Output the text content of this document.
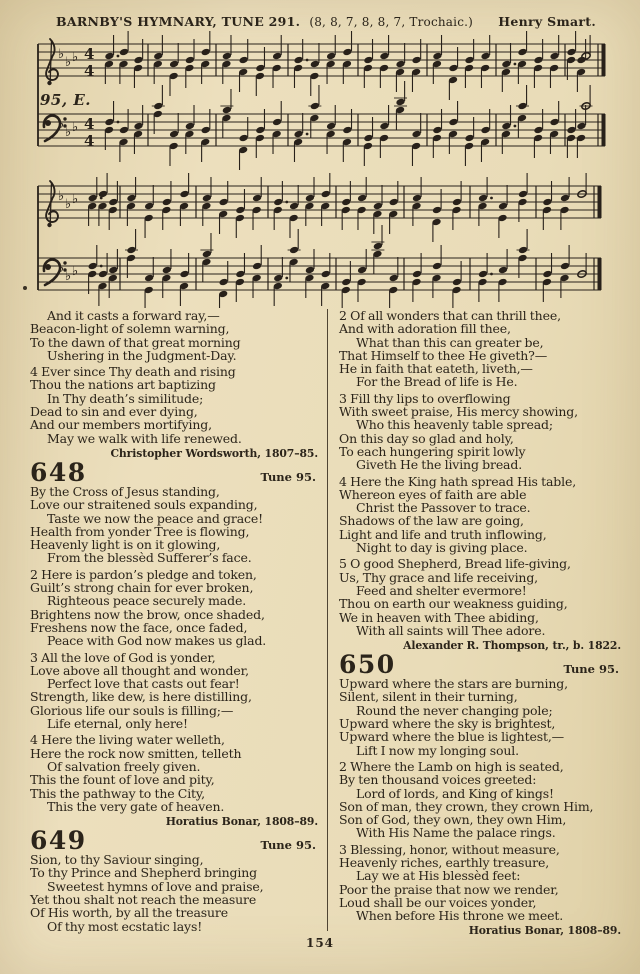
BARNBY'S HYMNARY, TUNE 291. (8, 8, 7, 8, 8, 7, Trochaic.) Henry Smart.
♭
♭ ♭
♭
♭ ♭
4
4
4
4
♭
♭ ♭
♭
♭ ♭
95, E.
And it casts a forward ray,—
Beacon-light of solemn warning,
To the dawn of that great morning
Ushering in the Judgment-Day.
4 Ever since Thy death and rising
Thou the nations art baptizing
In Thy death’s similitude;
Dead to sin and ever dying,
And our members mortifying,
May we walk with life renewed.
Christopher Wordsworth, 1807–85.
648	Tune 95.
By the Cross of Jesus standing,
Love our straitened souls expanding,
Taste we now the peace and grace!
Health from yonder Tree is flowing,
Heavenly light is on it glowing,
From the blessèd Sufferer’s face.
2 Here is pardon’s pledge and token,
Guilt’s strong chain for ever broken,
Righteous peace securely made.
Brightens now the brow, once shaded,
Freshens now the face, once faded,
Peace with God now makes us glad.
3 All the love of God is yonder,
Love above all thought and wonder,
Perfect love that casts out fear!
Strength, like dew, is here distilling,
Glorious life our souls is filling;—
Life eternal, only here!
4 Here the living water welleth,
Here the rock now smitten, telleth
Of salvation freely given.
This the fount of love and pity,
This the pathway to the City,
This the very gate of heaven.
Horatius Bonar, 1808–89.
649	Tune 95.
Sion, to thy Saviour singing,
To thy Prince and Shepherd bringing
Sweetest hymns of love and praise,
Yet thou shalt not reach the measure
Of His worth, by all the treasure
Of thy most ecstatic lays!
2 Of all wonders that can thrill thee,
And with adoration fill thee,
What than this can greater be,
That Himself to thee He giveth?—
He in faith that eateth, liveth,—
For the Bread of life is He.
3 Fill thy lips to overflowing
With sweet praise, His mercy showing,
Who this heavenly table spread;
On this day so glad and holy,
To each hungering spirit lowly
Giveth He the living bread.
4 Here the King hath spread His table,
Whereon eyes of faith are able
Christ the Passover to trace.
Shadows of the law are going,
Light and life and truth inflowing,
Night to day is giving place.
5 O good Shepherd, Bread life-giving,
Us, Thy grace and life receiving,
Feed and shelter evermore!
Thou on earth our weakness guiding,
We in heaven with Thee abiding,
With all saints will Thee adore.
Alexander R. Thompson, tr., b. 1822.
650	Tune 95.
Upward where the stars are burning,
Silent, silent in their turning,
Round the never changing pole;
Upward where the sky is brightest,
Upward where the blue is lightest,—
Lift I now my longing soul.
2 Where the Lamb on high is seated,
By ten thousand voices greeted:
Lord of lords, and King of kings!
Son of man, they crown, they crown Him,
Son of God, they own, they own Him,
With His Name the palace rings.
3 Blessing, honor, without measure,
Heavenly riches, earthly treasure,
Lay we at His blessèd feet:
Poor the praise that now we render,
Loud shall be our voices yonder,
When before His throne we meet.
Horatius Bonar, 1808–89.
154
